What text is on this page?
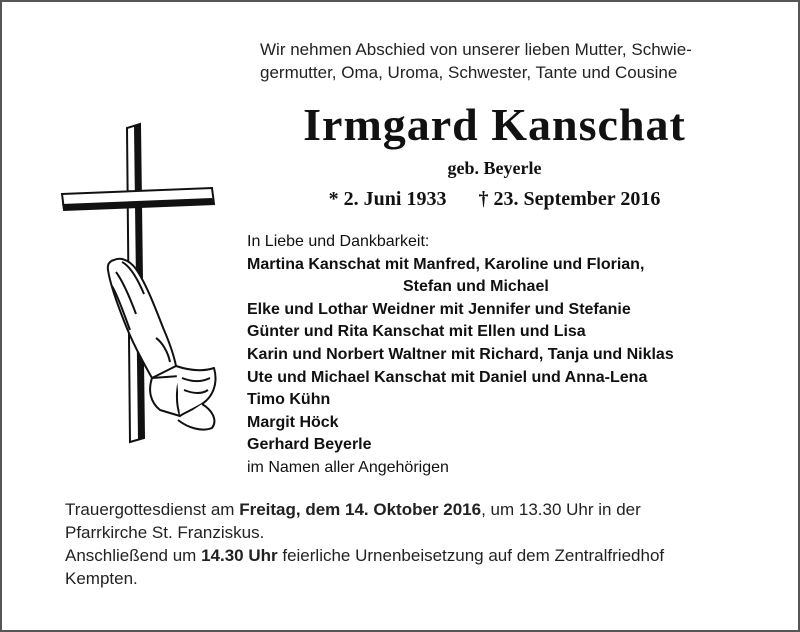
Wir nehmen Abschied von unserer lieben Mutter, Schwie-
germutter, Oma, Uroma, Schwester, Tante und Cousine
Irmgard Kanschat
geb. Beyerle
* 2. Juni 1933 † 23. September 2016
In Liebe und Dankbarkeit:
Martina Kanschat mit Manfred, Karoline und Florian,
Stefan und Michael
Elke und Lothar Weidner mit Jennifer und Stefanie
Günter und Rita Kanschat mit Ellen und Lisa
Karin und Norbert Waltner mit Richard, Tanja und Niklas
Ute und Michael Kanschat mit Daniel und Anna-Lena
Timo Kühn
Margit Höck
Gerhard Beyerle
im Namen aller Angehörigen
Trauergottesdienst am Freitag, dem 14. Oktober 2016, um 13.30 Uhr in der
Pfarrkirche St. Franziskus.
Anschließend um 14.30 Uhr feierliche Urnenbeisetzung auf dem Zentralfriedhof
Kempten.
